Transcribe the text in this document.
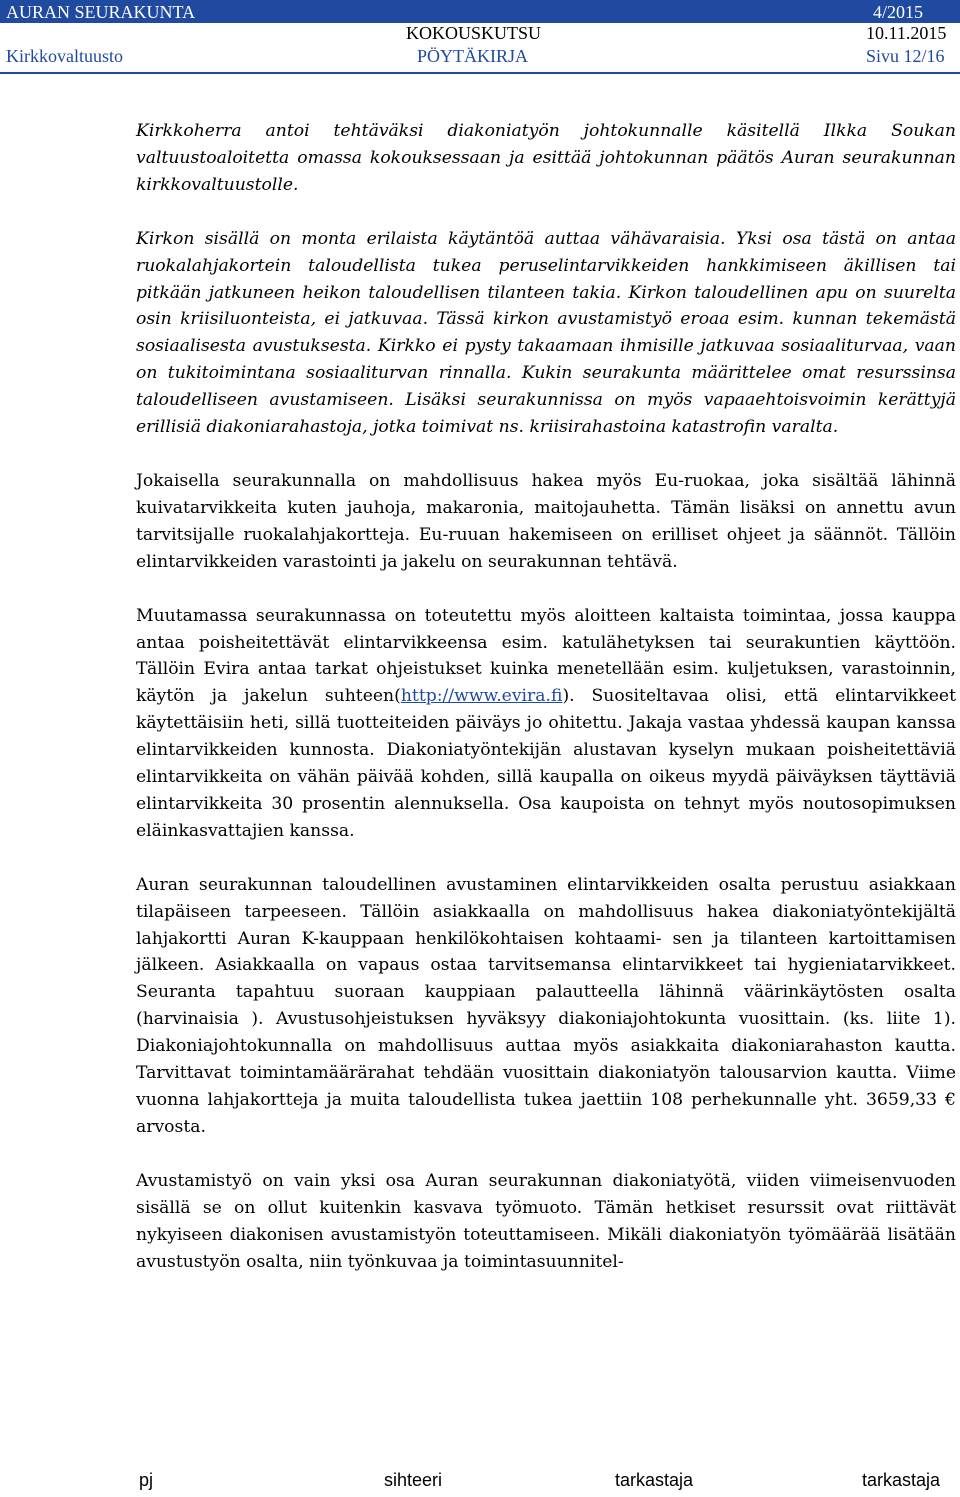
AURAN SEURAKUNTA
KOKOUSKUTSU
4/2015
10.11.2015
Kirkkovaltuusto	PÖYTÄKIRJA	Sivu 12/16

Kirkkoherra antoi tehtäväksi diakoniatyön johtokunnalle käsitellä Ilkka Soukan valtuustoaloitetta omassa kokouksessaan ja esittää johtokunnan päätös Auran seurakunnan kirkkovaltuustolle.

Kirkon sisällä on monta erilaista käytäntöä auttaa vähävaraisia. Yksi osa tästä on antaa ruokalahjakortein taloudellista tukea peruselintarvikkeiden hankkimiseen äkillisen tai pitkään jatkuneen heikon taloudellisen tilanteen takia. Kirkon taloudellinen apu on suurelta osin kriisiluonteista, ei jatkuvaa. Tässä kirkon avustamistyö eroaa esim. kunnan tekemästä sosiaalisesta avustuksesta. Kirkko ei pysty takaamaan ihmisille jatkuvaa sosiaaliturvaa, vaan on tukitoimintana sosiaaliturvan rinnalla. Kukin seurakunta määrittelee omat resurssinsa taloudelliseen avustamiseen. Lisäksi seurakunnissa on myös vapaaehtoisvoimin kerättyjä erillisiä diakoniarahastoja, jotka toimivat ns. kriisirahastoina katastrofin varalta.

Jokaisella seurakunnalla on mahdollisuus hakea myös Eu-ruokaa, joka sisältää lähinnä kuivatarvikkeita kuten jauhoja, makaronia, maitojauhetta. Tämän lisäksi on annettu avun tarvitsijalle ruokalahjakortteja. Eu-ruuan hakemiseen on erilliset ohjeet ja säännöt. Tällöin elintarvikkeiden varastointi ja jakelu on seurakunnan tehtävä.

Muutamassa seurakunnassa on toteutettu myös aloitteen kaltaista toimintaa, jossa kauppa antaa poisheitettävät elintarvikkeensa esim. katulähetyksen tai seurakuntien käyttöön. Tällöin Evira antaa tarkat ohjeistukset kuinka menetellään esim. kuljetuksen, varastoinnin, käytön ja jakelun suhteen(http://www.evira.fi). Suositeltavaa olisi, että elintarvikkeet käytettäisiin heti, sillä tuotteiteiden päiväys jo ohitettu. Jakaja vastaa yhdessä kaupan kanssa elintarvikkeiden kunnosta. Diakoniatyöntekijän alustavan kyselyn mukaan poisheitettäviä elintarvikkeita on vähän päivää kohden, sillä kaupalla on oikeus myydä päiväyksen täyttäviä elintarvikkeita 30 prosentin alennuksella. Osa kaupoista on tehnyt myös noutosopimuksen eläinkasvattajien kanssa.

Auran seurakunnan taloudellinen avustaminen elintarvikkeiden osalta perustuu asiakkaan tilapäiseen tarpeeseen. Tällöin asiakkaalla on mahdollisuus hakea diakoniatyöntekijältä lahjakortti Auran K-kauppaan henkilökohtaisen kohtaami- sen ja tilanteen kartoittamisen jälkeen. Asiakkaalla on vapaus ostaa tarvitsemansa elintarvikkeet tai hygieniatarvikkeet. Seuranta tapahtuu suoraan kauppiaan palautteella lähinnä väärinkäytösten osalta (harvinaisia ). Avustusohjeistuksen hyväksyy diakoniajohtokunta vuosittain. (ks. liite 1). Diakoniajohtokunnalla on mahdollisuus auttaa myös asiakkaita diakoniarahaston kautta. Tarvittavat toimintamäärärahat tehdään vuosittain diakoniatyön talousarvion kautta. Viime vuonna lahjakortteja ja muita taloudellista tukea jaettiin 108 perhekunnalle yht. 3659,33 € arvosta.

Avustamistyö on vain yksi osa Auran seurakunnan diakoniatyötä, viiden viimeisenvuoden sisällä se on ollut kuitenkin kasvava työmuoto. Tämän hetkiset resurssit ovat riittävät nykyiseen diakonisen avustamistyön toteuttamiseen. Mikäli diakoniatyön työmäärää lisätään avustustyön osalta, niin työnkuvaa ja toimintasuunnitel-

pj	sihteeri	tarkastaja	tarkastaja
